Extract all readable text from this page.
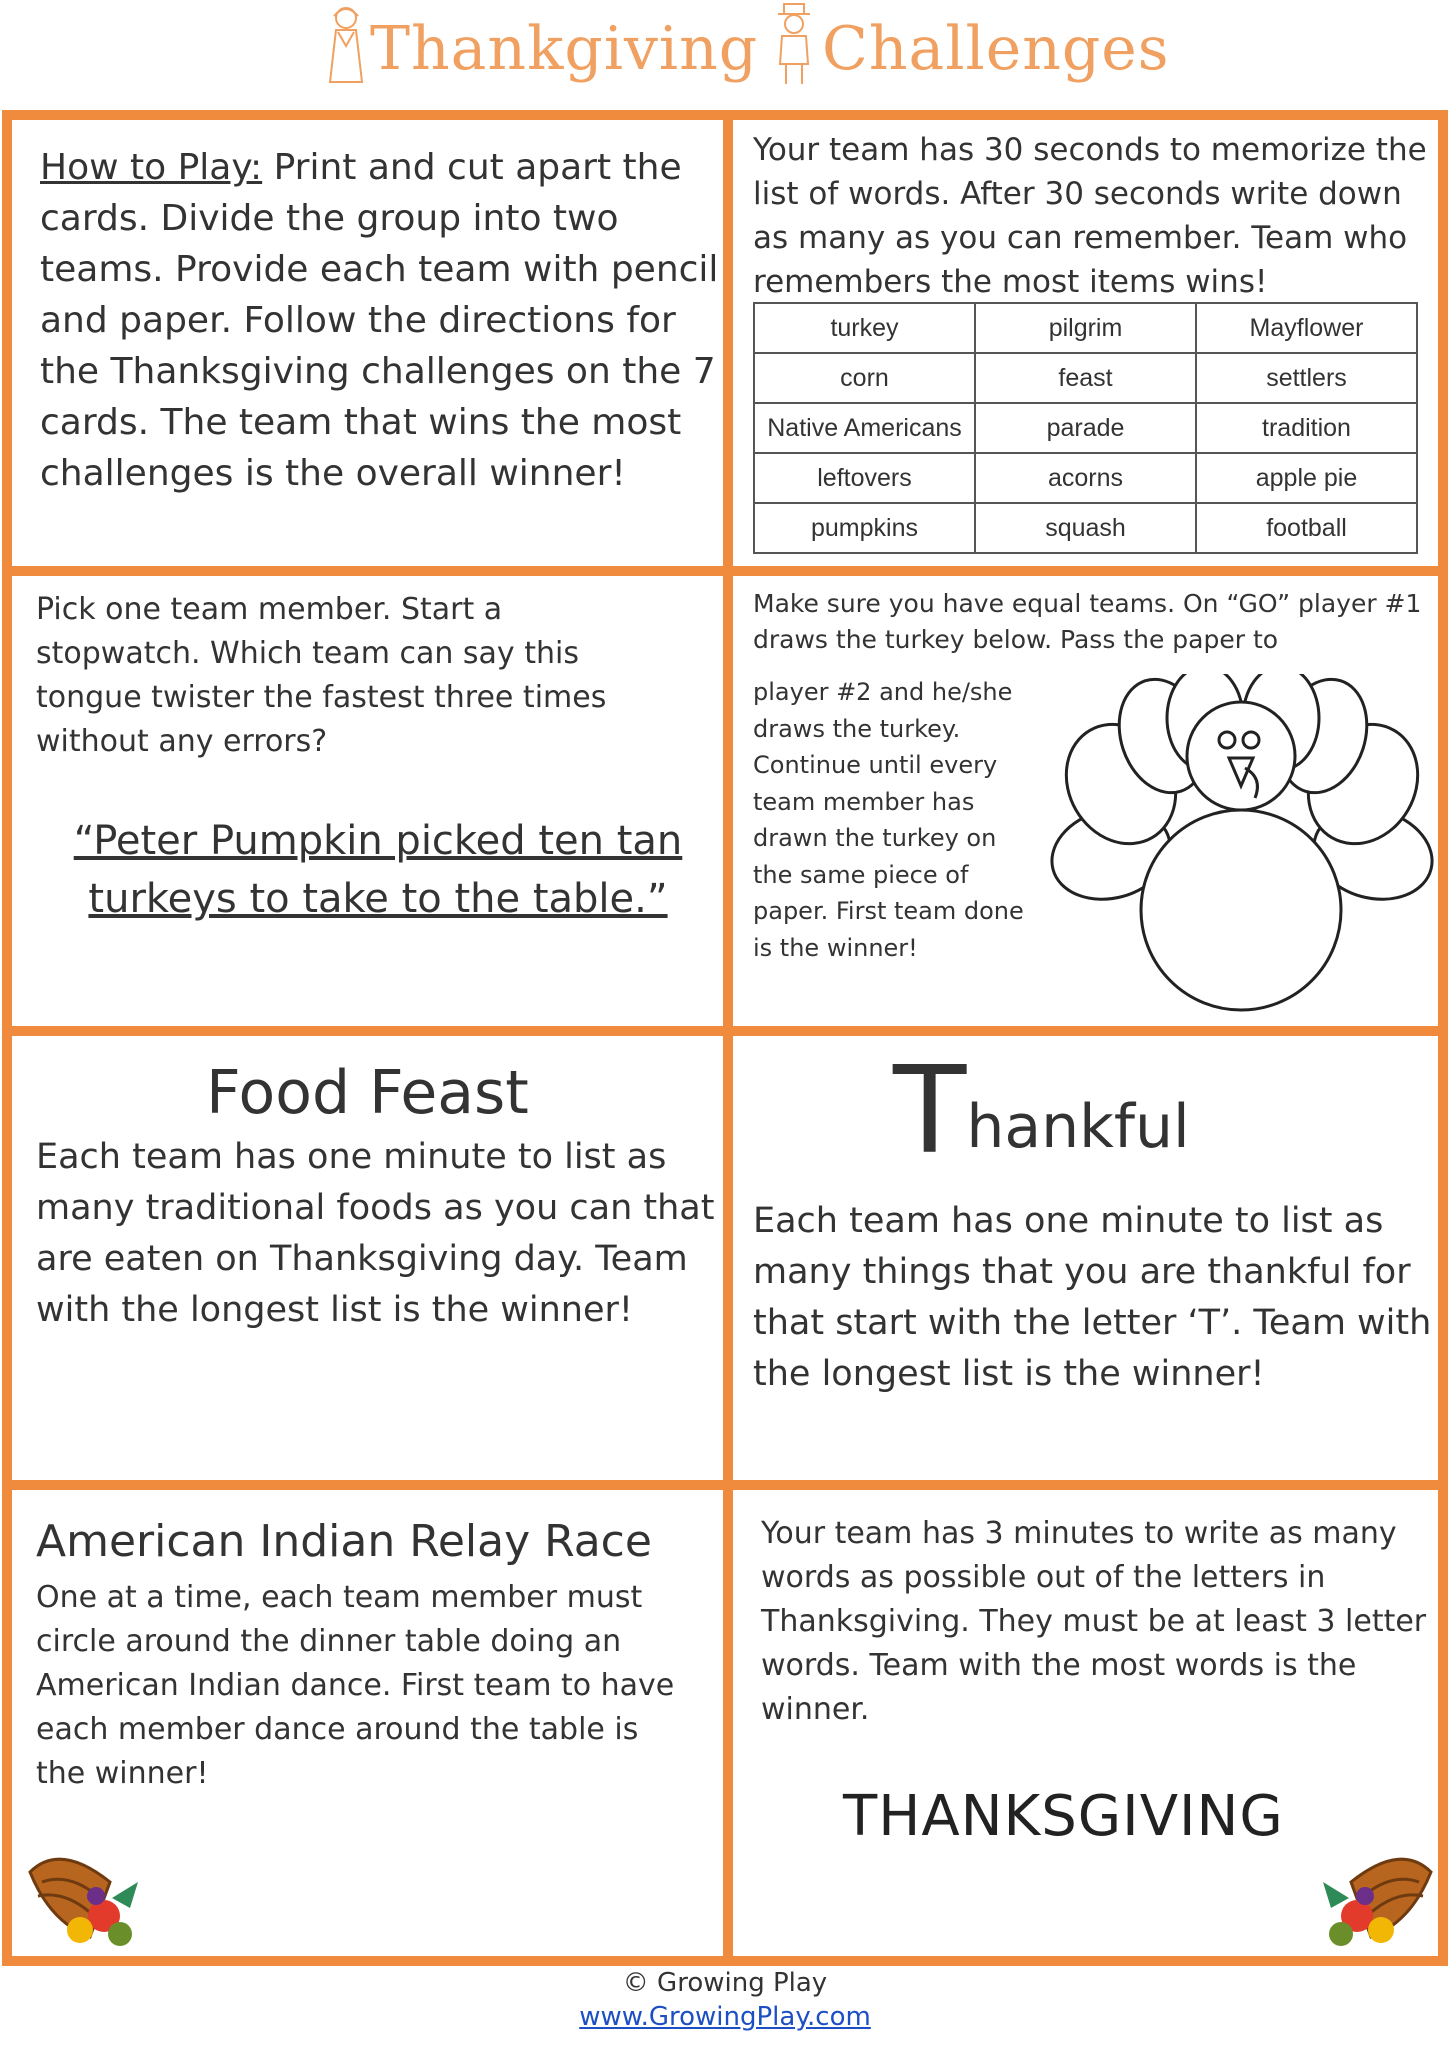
Thankgiving Challenges
How to Play: Print and cut apart the cards. Divide the group into two teams. Provide each team with pencil and paper. Follow the directions for the Thanksgiving challenges on the 7 cards. The team that wins the most challenges is the overall winner!
Your team has 30 seconds to memorize the list of words. After 30 seconds write down as many as you can remember. Team who remembers the most items wins!
turkey	pilgrim	Mayflower
corn	feast	settlers
Native Americans	parade	tradition
leftovers	acorns	apple pie
pumpkins	squash	football
Pick one team member. Start a stopwatch. Which team can say this tongue twister the fastest three times without any errors?
“Peter Pumpkin picked ten tan turkeys to take to the table.”
Make sure you have equal teams. On “GO” player #1 draws the turkey below. Pass the paper to
player #2 and he/she draws the turkey. Continue until every team member has drawn the turkey on the same piece of paper. First team done is the winner!
Food Feast
Each team has one minute to list as many traditional foods as you can that are eaten on Thanksgiving day. Team with the longest list is the winner!
Thankful
Each team has one minute to list as many things that you are thankful for that start with the letter ‘T’. Team with the longest list is the winner!
American Indian Relay Race
One at a time, each team member must circle around the dinner table doing an American Indian dance. First team to have each member dance around the table is the winner!
Your team has 3 minutes to write as many words as possible out of the letters in Thanksgiving. They must be at least 3 letter words. Team with the most words is the winner.
THANKSGIVING
© Growing Play
www.GrowingPlay.com
